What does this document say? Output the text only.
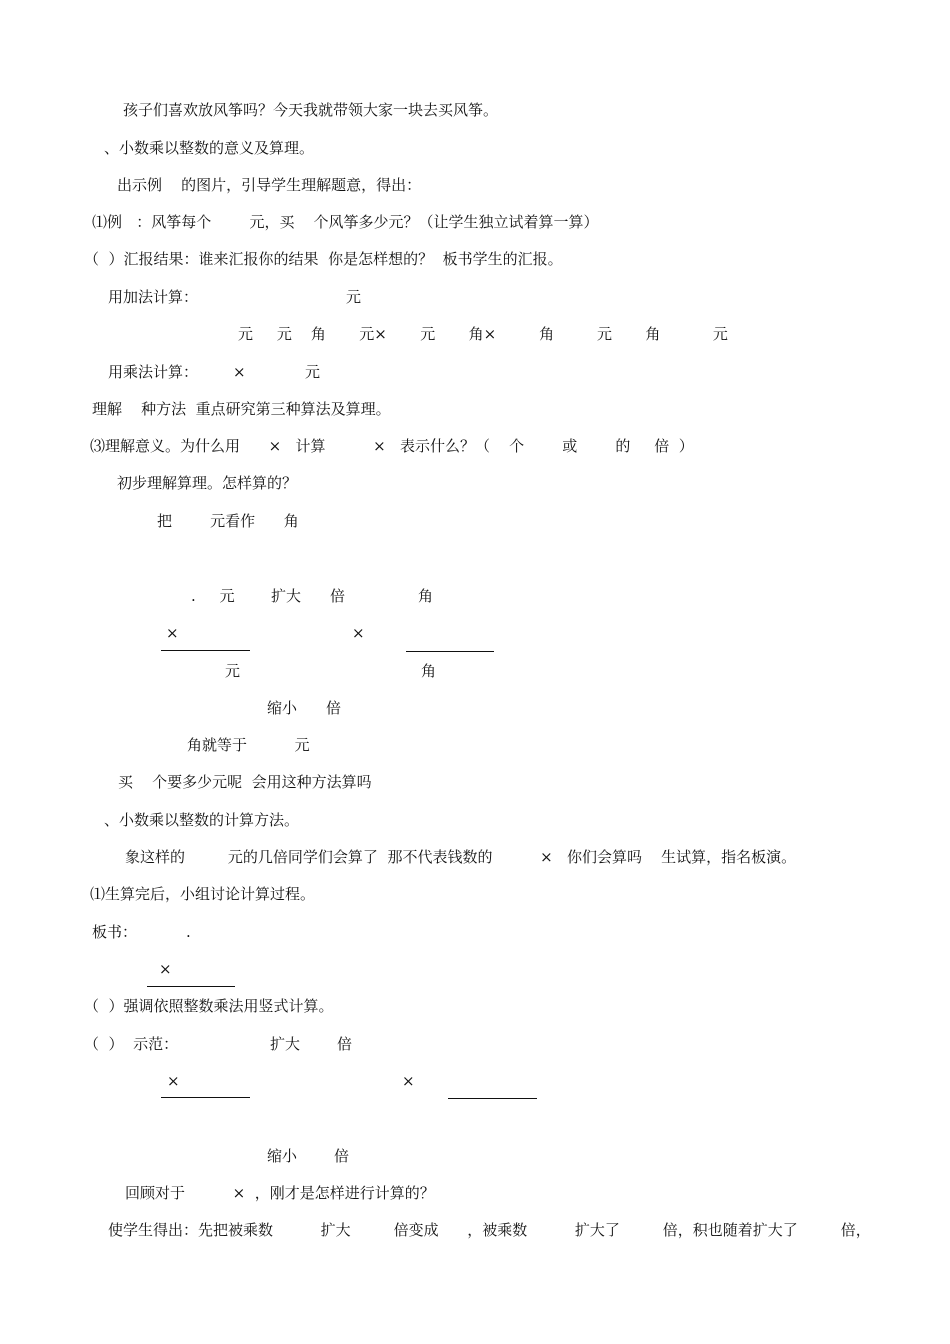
孩子们喜欢放风筝吗？今天我就带领大家一块去买风筝。
、小数乘以整数的意义及算理。
出示例    的图片，引导学生理解题意，得出：
⑴例   ：风筝每个        元，买    个风筝多少元？（让学生独立试着算一算）
（  ）汇报结果：谁来汇报你的结果  你是怎样想的？  板书学生的汇报。
用加法计算：	元
元     元    角       元×       元       角×         角         元       角           元
用乘法计算： ×	元
理解    种方法  重点研究第三种算法及算理。
⑶理解意义。为什么用      ×   计算          ×   表示什么？（    个        或        的     倍  ）
初步理解算理。怎样算的？
把        元看作      角
.     元 扩大 倍	角
×	×
元	角
缩小 倍
角就等于          元
买    个要多少元呢  会用这种方法算吗
、小数乘以整数的计算方法。
象这样的         元的几倍同学们会算了  那不代表钱数的          ×   你们会算吗    生试算，指名板演。
⑴生算完后，小组讨论计算过程。
板书：	.
×
（  ）强调依照整数乘法用竖式计算。
（  ）  示范：	扩大 倍
×	×
缩小 倍
回顾对于          ×  ，刚才是怎样进行计算的？
使学生得出：先把被乘数          扩大         倍变成      ，被乘数          扩大了         倍，积也随着扩大了         倍，
